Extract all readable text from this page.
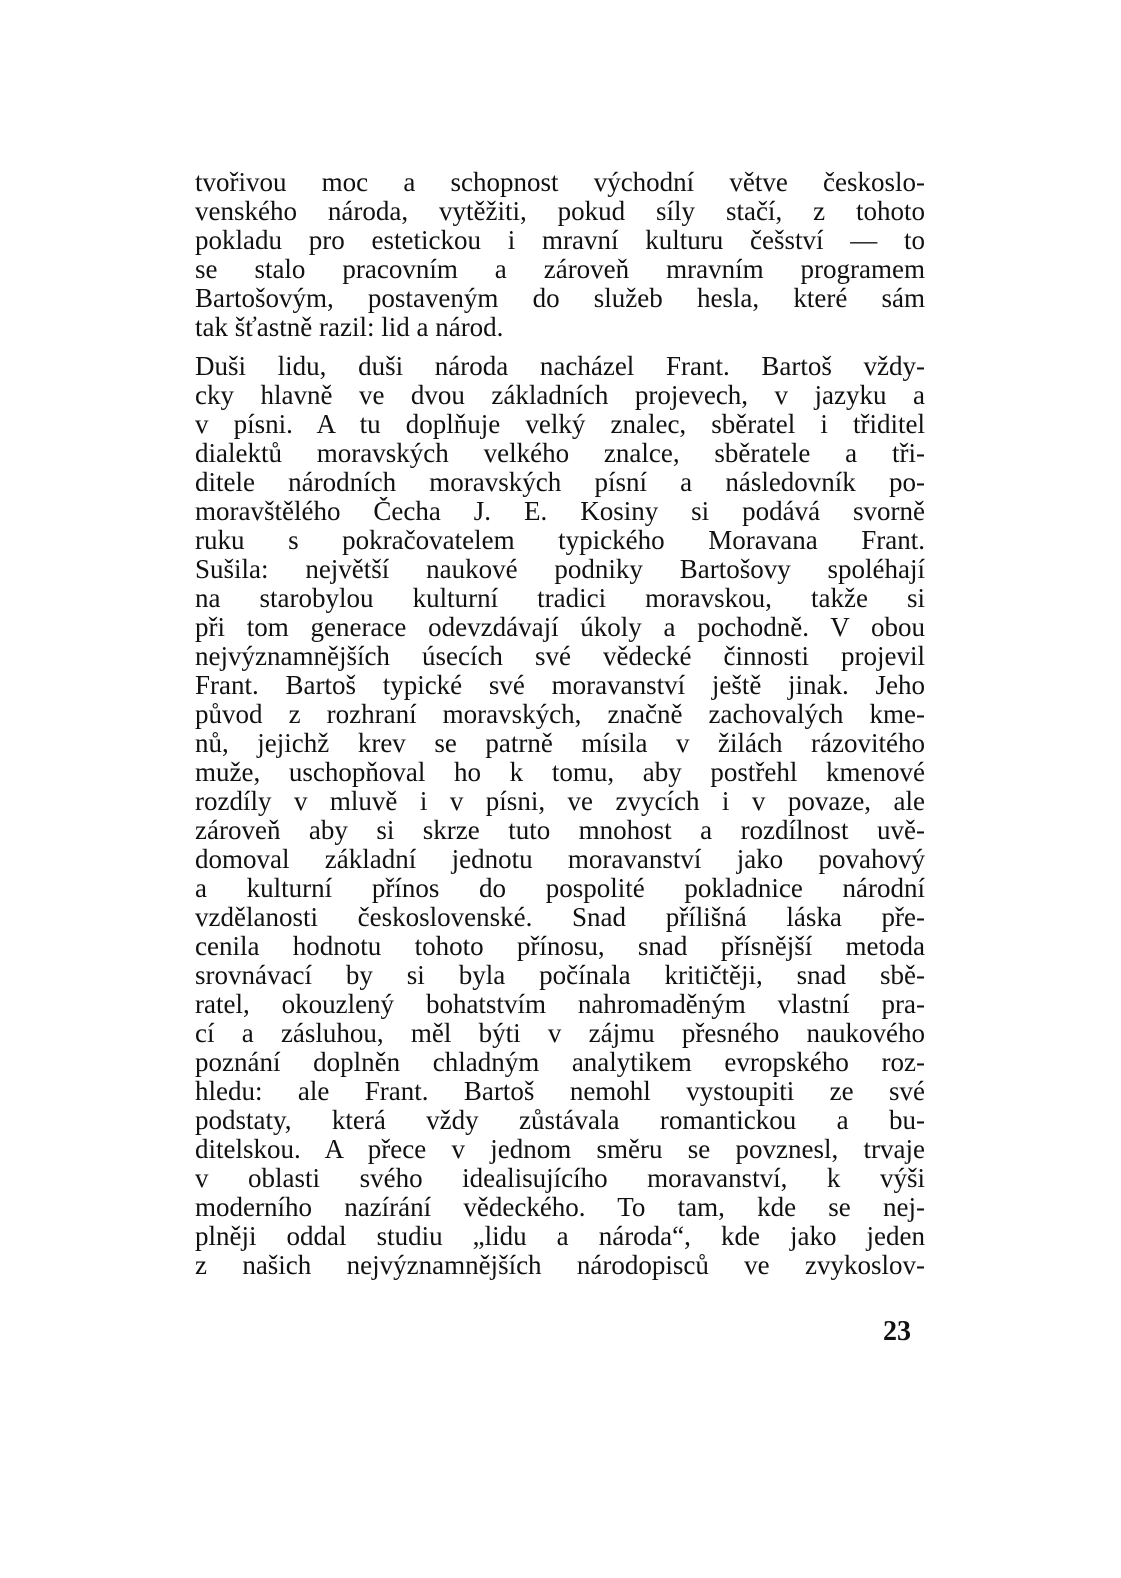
tvořivou moc a schopnost východní větve českoslo-
venského národa, vytěžiti, pokud síly stačí, z tohoto
pokladu pro estetickou i mravní kulturu češství — to
se stalo pracovním a zároveň mravním programem
Bartošovým, postaveným do služeb hesla, které sám
tak šťastně razil: lid a národ.
Duši lidu, duši národa nacházel Frant. Bartoš vždy-
cky hlavně ve dvou základních projevech, v jazyku a
v písni. A tu doplňuje velký znalec, sběratel i třiditel
dialektů moravských velkého znalce, sběratele a tři-
ditele národních moravských písní a následovník po-
moravštělého Čecha J. E. Kosiny si podává svorně
ruku s pokračovatelem typického Moravana Frant.
Sušila: největší naukové podniky Bartošovy spoléhají
na starobylou kulturní tradici moravskou, takže si
při tom generace odevzdávají úkoly a pochodně. V obou
nejvýznamnějších úsecích své vědecké činnosti projevil
Frant. Bartoš typické své moravanství ještě jinak. Jeho
původ z rozhraní moravských, značně zachovalých kme-
nů, jejichž krev se patrně mísila v žilách rázovitého
muže, uschopňoval ho k tomu, aby postřehl kmenové
rozdíly v mluvě i v písni, ve zvycích i v povaze, ale
zároveň aby si skrze tuto mnohost a rozdílnost uvě-
domoval základní jednotu moravanství jako povahový
a kulturní přínos do pospolité pokladnice národní
vzdělanosti československé. Snad přílišná láska pře-
cenila hodnotu tohoto přínosu, snad přísnější metoda
srovnávací by si byla počínala kritičtěji, snad sbě-
ratel, okouzlený bohatstvím nahromaděným vlastní pra-
cí a zásluhou, měl býti v zájmu přesného naukového
poznání doplněn chladným analytikem evropského roz-
hledu: ale Frant. Bartoš nemohl vystoupiti ze své
podstaty, která vždy zůstávala romantickou a bu-
ditelskou. A přece v jednom směru se povznesl, trvaje
v oblasti svého idealisujícího moravanství, k výši
moderního nazírání vědeckého. To tam, kde se nej-
plněji oddal studiu „lidu a národa“, kde jako jeden
z našich nejvýznamnějších národopisců ve zvykoslov-
23
